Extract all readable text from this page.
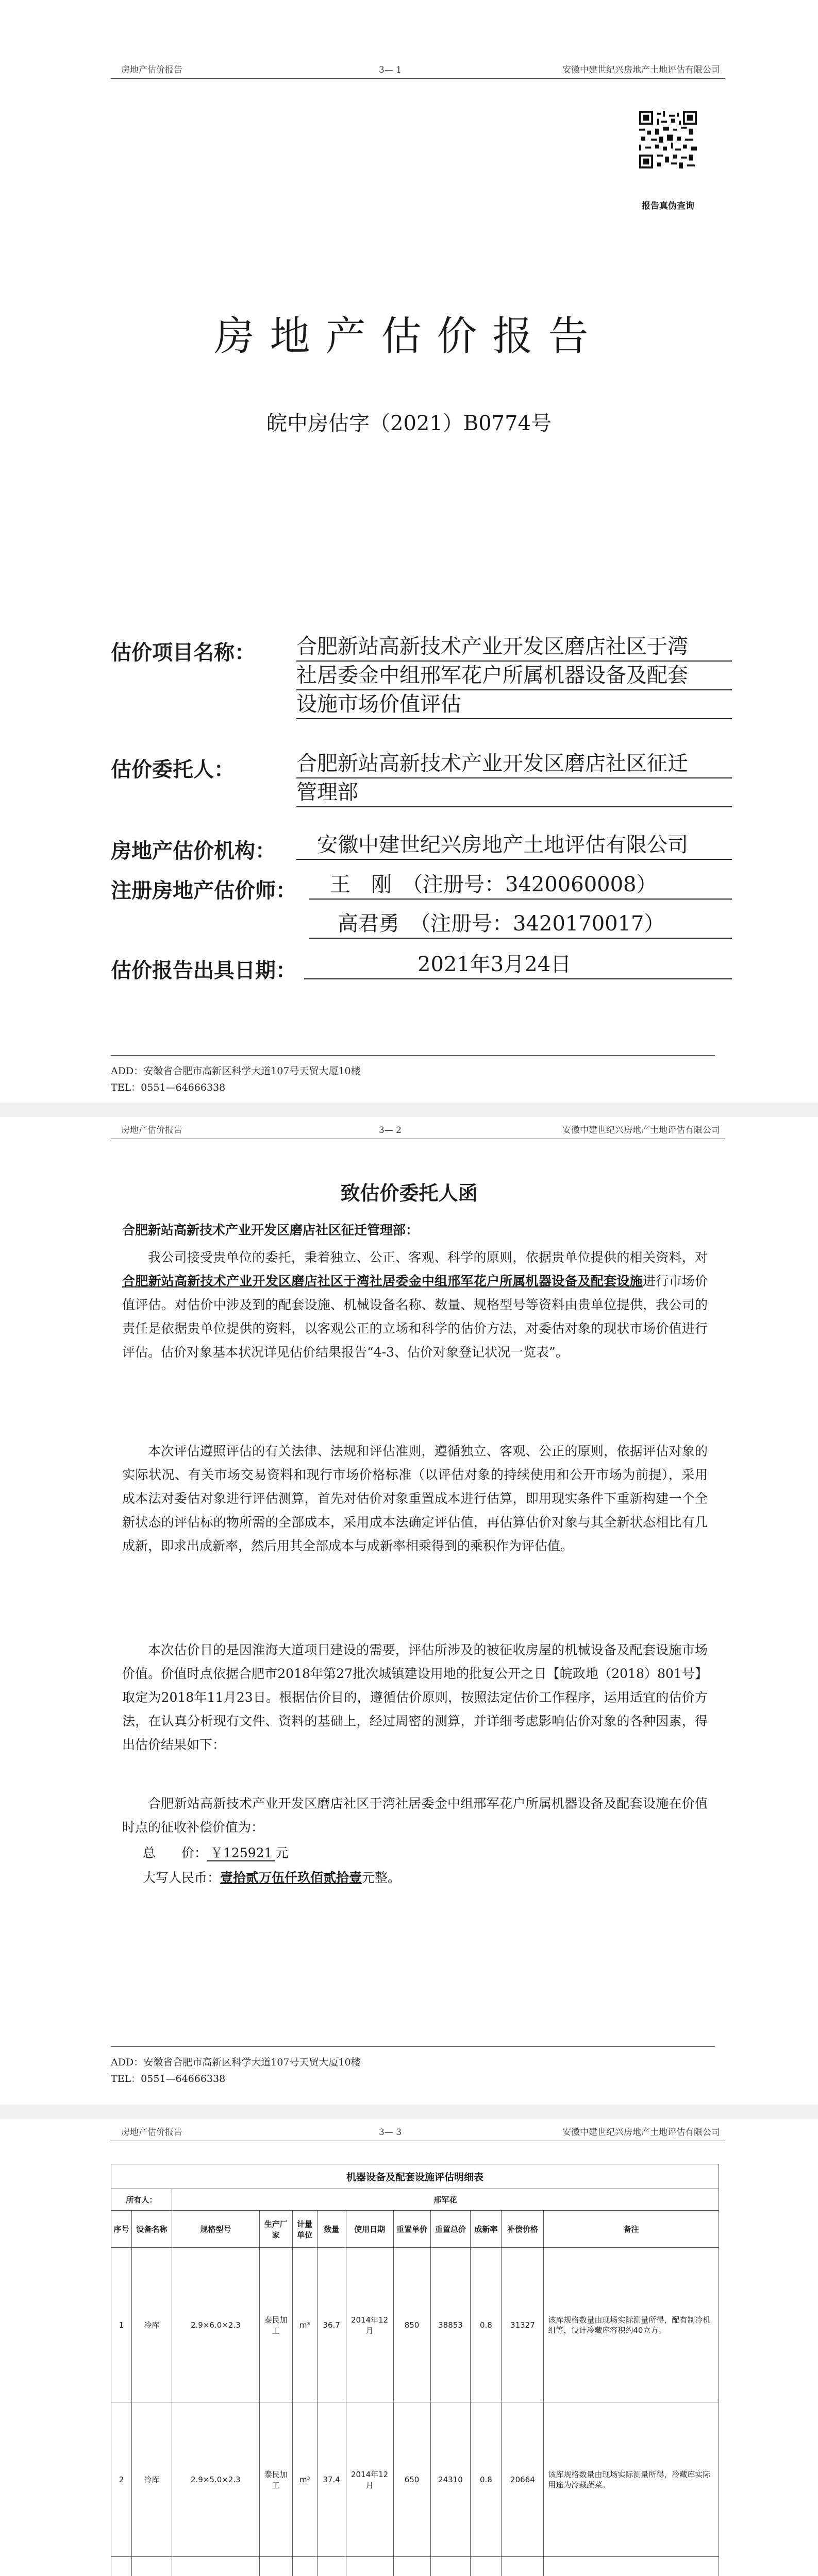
房地产估价报告	3— 1	安徽中建世纪兴房地产土地评估有限公司
报告真伪查询
房地产估价报告
皖中房估字（2021）B0774号
估价项目名称： 合肥新站高新技术产业开发区磨店社区于湾
社居委金中组邢军花户所属机器设备及配套
设施市场价值评估
估价委托人：	合肥新站高新技术产业开发区磨店社区征迁
管理部
房地产估价机构：	安徽中建世纪兴房地产土地评估有限公司
注册房地产估价师：	王　刚　（注册号：3420060008）
高君勇　（注册号：3420170017）
估价报告出具日期：	2021年3月24日
ADD：安徽省合肥市高新区科学大道107号天贸大厦10楼
TEL：0551—64666338
房地产估价报告	3— 2	安徽中建世纪兴房地产土地评估有限公司
致估价委托人函
合肥新站高新技术产业开发区磨店社区征迁管理部：
我公司接受贵单位的委托，秉着独立、公正、客观、科学的原则，依据贵单位提供的相关资料，对合肥新站高新技术产业开发区磨店社区于湾社居委金中组邢军花户所属机器设备及配套设施进行市场价值评估。对估价中涉及到的配套设施、机械设备名称、数量、规格型号等资料由贵单位提供，我公司的责任是依据贵单位提供的资料，以客观公正的立场和科学的估价方法，对委估对象的现状市场价值进行评估。估价对象基本状况详见估价结果报告“4-3、估价对象登记状况一览表”。
本次评估遵照评估的有关法律、法规和评估准则，遵循独立、客观、公正的原则，依据评估对象的实际状况、有关市场交易资料和现行市场价格标准（以评估对象的持续使用和公开市场为前提），采用成本法对委估对象进行评估测算，首先对估价对象重置成本进行估算，即用现实条件下重新构建一个全新状态的评估标的物所需的全部成本，采用成本法确定评估值，再估算估价对象与其全新状态相比有几成新，即求出成新率，然后用其全部成本与成新率相乘得到的乘积作为评估值。
本次估价目的是因淮海大道项目建设的需要，评估所涉及的被征收房屋的机械设备及配套设施市场价值。价值时点依据合肥市2018年第27批次城镇建设用地的批复公开之日【皖政地（2018）801号】取定为2018年11月23日。根据估价目的，遵循估价原则，按照法定估价工作程序，运用适宜的估价方法，在认真分析现有文件、资料的基础上，经过周密的测算，并详细考虑影响估价对象的各种因素，得出估价结果如下：
合肥新站高新技术产业开发区磨店社区于湾社居委金中组邢军花户所属机器设备及配套设施在价值时点的征收补偿价值为：
总　　价： ￥125921 元
大写人民币：壹拾贰万伍仟玖佰贰拾壹元整。
ADD：安徽省合肥市高新区科学大道107号天贸大厦10楼
TEL：0551—64666338
房地产估价报告	3— 3	安徽中建世纪兴房地产土地评估有限公司
机器设备及配套设施评估明细表											
所有人：		邢军花									
序号	设备名称	规格型号	生产厂家	计量单位	数量	使用日期	重置单价	重置总价	成新率	补偿价格	备注
1	冷库	2.9×6.0×2.3	泰民加工	m³	36.7	2014年12月	850	38853	0.8	31327	该库规格数量由现场实际测量所得，配有制冷机组等，设计冷藏库容积约40立方。
2	冷库	2.9×5.0×2.3	泰民加工	m³	37.4	2014年12月	650	24310	0.8	20664	该库规格数量由现场实际测量所得，冷藏库实际用途为冷藏蔬菜。
